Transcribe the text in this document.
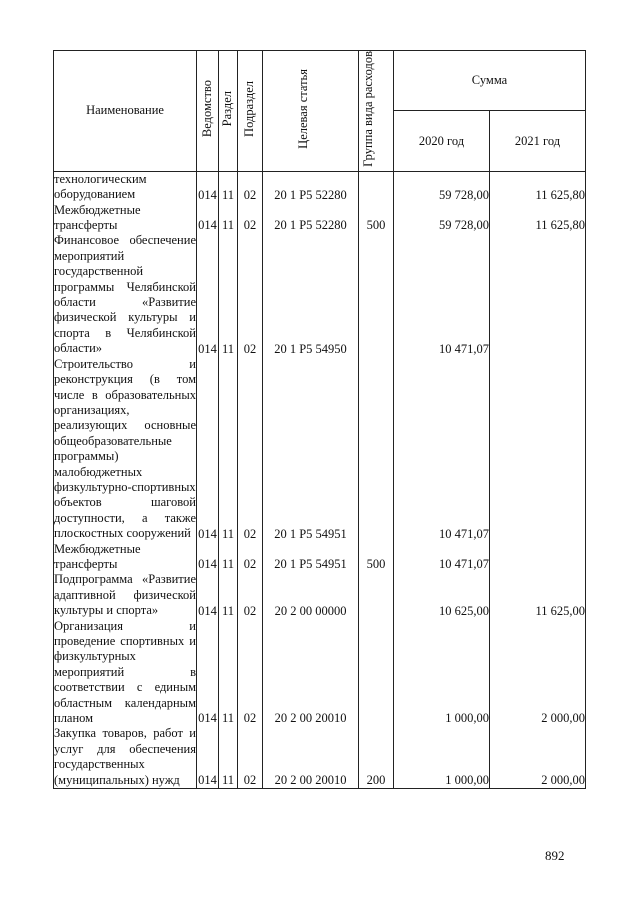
Наименование	Ведомство	Раздел	Подраздел	Целевая статья	Группа вида расходов	Сумма	
						2020 год	2021 год
технологическим оборудованием	014	11	02	20 1 P5 52280		59 728,00	11 625,80
Межбюджетные трансферты	014	11	02	20 1 P5 52280	500	59 728,00	11 625,80
Финансовое обеспечение мероприятий государственной программы Челябинской области «Развитие физической культуры и спорта в Челябинской области»	014	11	02	20 1 P5 54950		10 471,07	
Строительство и реконструкция (в том числе в образовательных организациях, реализующих основные общеобразовательные программы) малобюджетных физкультурно-спортивных объектов шаговой доступности, а также плоскостных сооружений	014	11	02	20 1 P5 54951		10 471,07	
Межбюджетные трансферты	014	11	02	20 1 P5 54951	500	10 471,07	
Подпрограмма «Развитие адаптивной физической культуры и спорта»	014	11	02	20 2 00 00000		10 625,00	11 625,00
Организация и проведение спортивных и физкультурных мероприятий в соответствии с единым областным календарным планом	014	11	02	20 2 00 20010		1 000,00	2 000,00
Закупка товаров, работ и услуг для обеспечения государственных (муниципальных) нужд	014	11	02	20 2 00 20010	200	1 000,00	2 000,00
892
